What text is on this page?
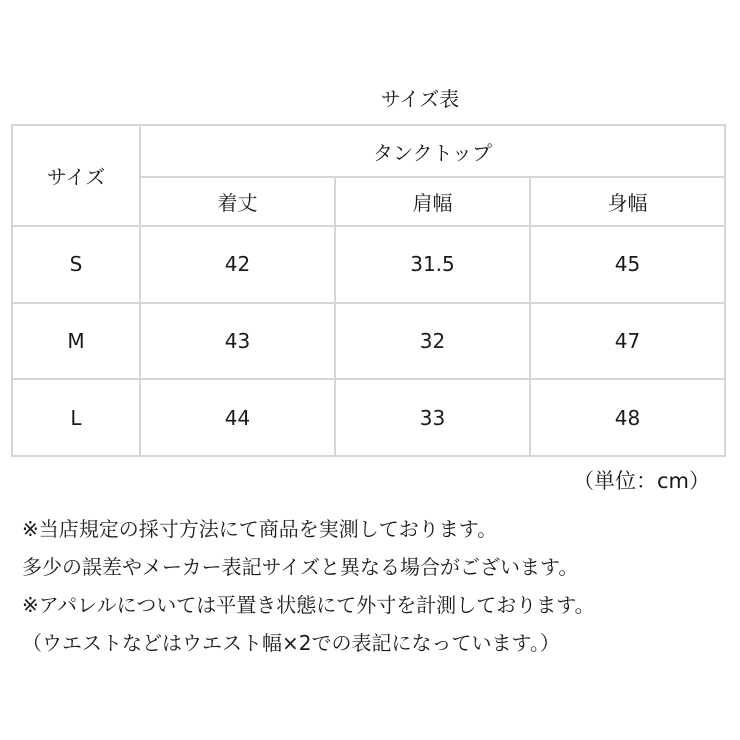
サイズ表
サイズ	タンクトップ		
	着丈	肩幅	身幅
S	42	31.5	45
M	43	32	47
L	44	33	48
（単位：cm）
※当店規定の採寸方法にて商品を実測しております。
多少の誤差やメーカー表記サイズと異なる場合がございます。
※アパレルについては平置き状態にて外寸を計測しております。
（ウエストなどはウエスト幅×2での表記になっています。）
